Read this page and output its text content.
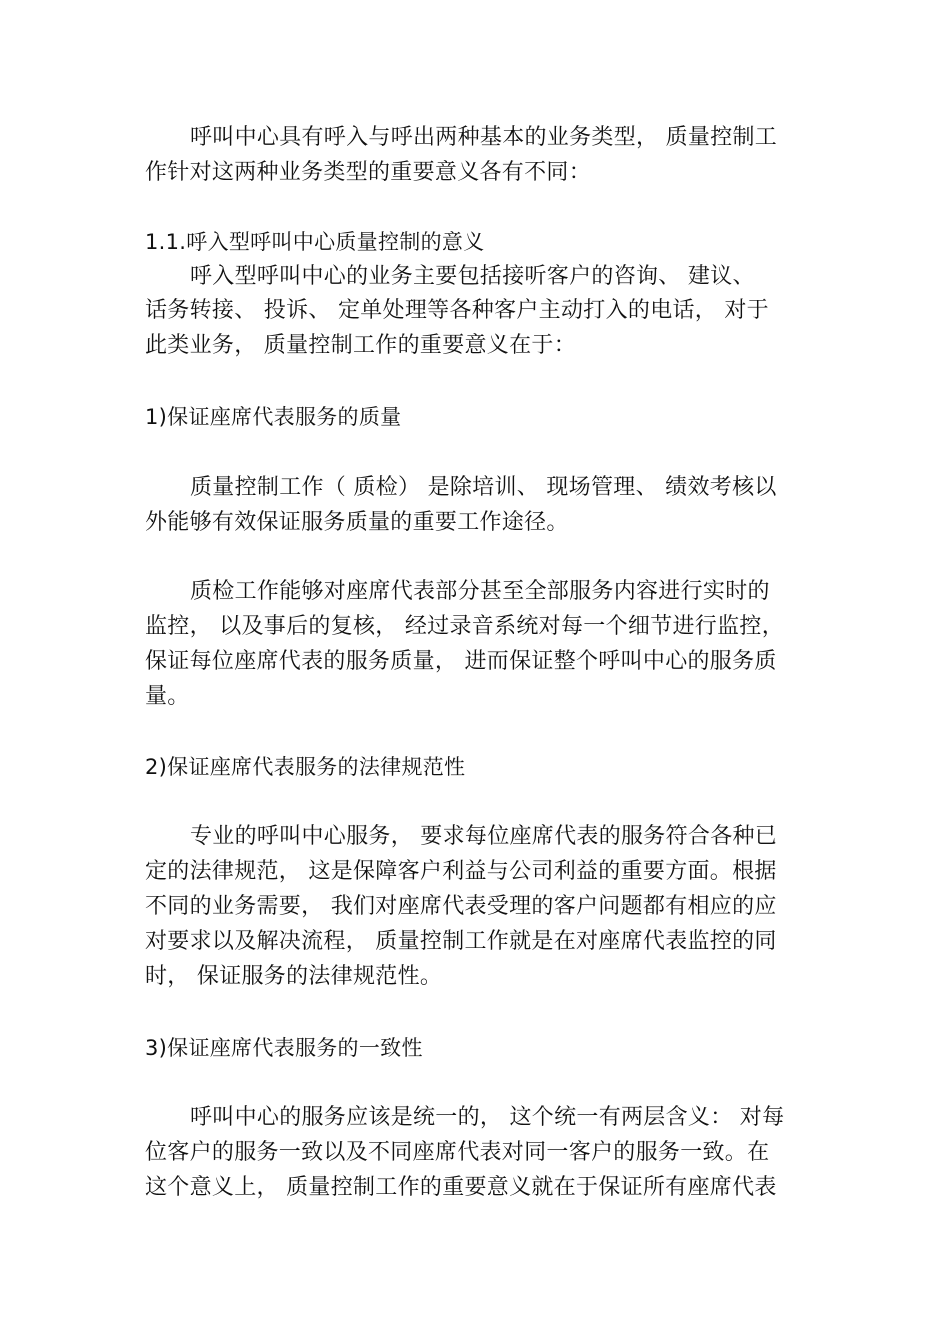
呼叫中心具有呼入与呼出两种基本的业务类型， 质量控制工
作针对这两种业务类型的重要意义各有不同：
1.1.呼入型呼叫中心质量控制的意义
呼入型呼叫中心的业务主要包括接听客户的咨询、 建议、
话务转接、 投诉、 定单处理等各种客户主动打入的电话， 对于
此类业务， 质量控制工作的重要意义在于：
1)保证座席代表服务的质量
质量控制工作（ 质检） 是除培训、 现场管理、 绩效考核以
外能够有效保证服务质量的重要工作途径。
质检工作能够对座席代表部分甚至全部服务内容进行实时的
监控， 以及事后的复核， 经过录音系统对每一个细节进行监控，
保证每位座席代表的服务质量， 进而保证整个呼叫中心的服务质
量。
2)保证座席代表服务的法律规范性
专业的呼叫中心服务， 要求每位座席代表的服务符合各种已
定的法律规范， 这是保障客户利益与公司利益的重要方面。根据
不同的业务需要， 我们对座席代表受理的客户问题都有相应的应
对要求以及解决流程， 质量控制工作就是在对座席代表监控的同
时， 保证服务的法律规范性。
3)保证座席代表服务的一致性
呼叫中心的服务应该是统一的， 这个统一有两层含义： 对每
位客户的服务一致以及不同座席代表对同一客户的服务一致。在
这个意义上， 质量控制工作的重要意义就在于保证所有座席代表
